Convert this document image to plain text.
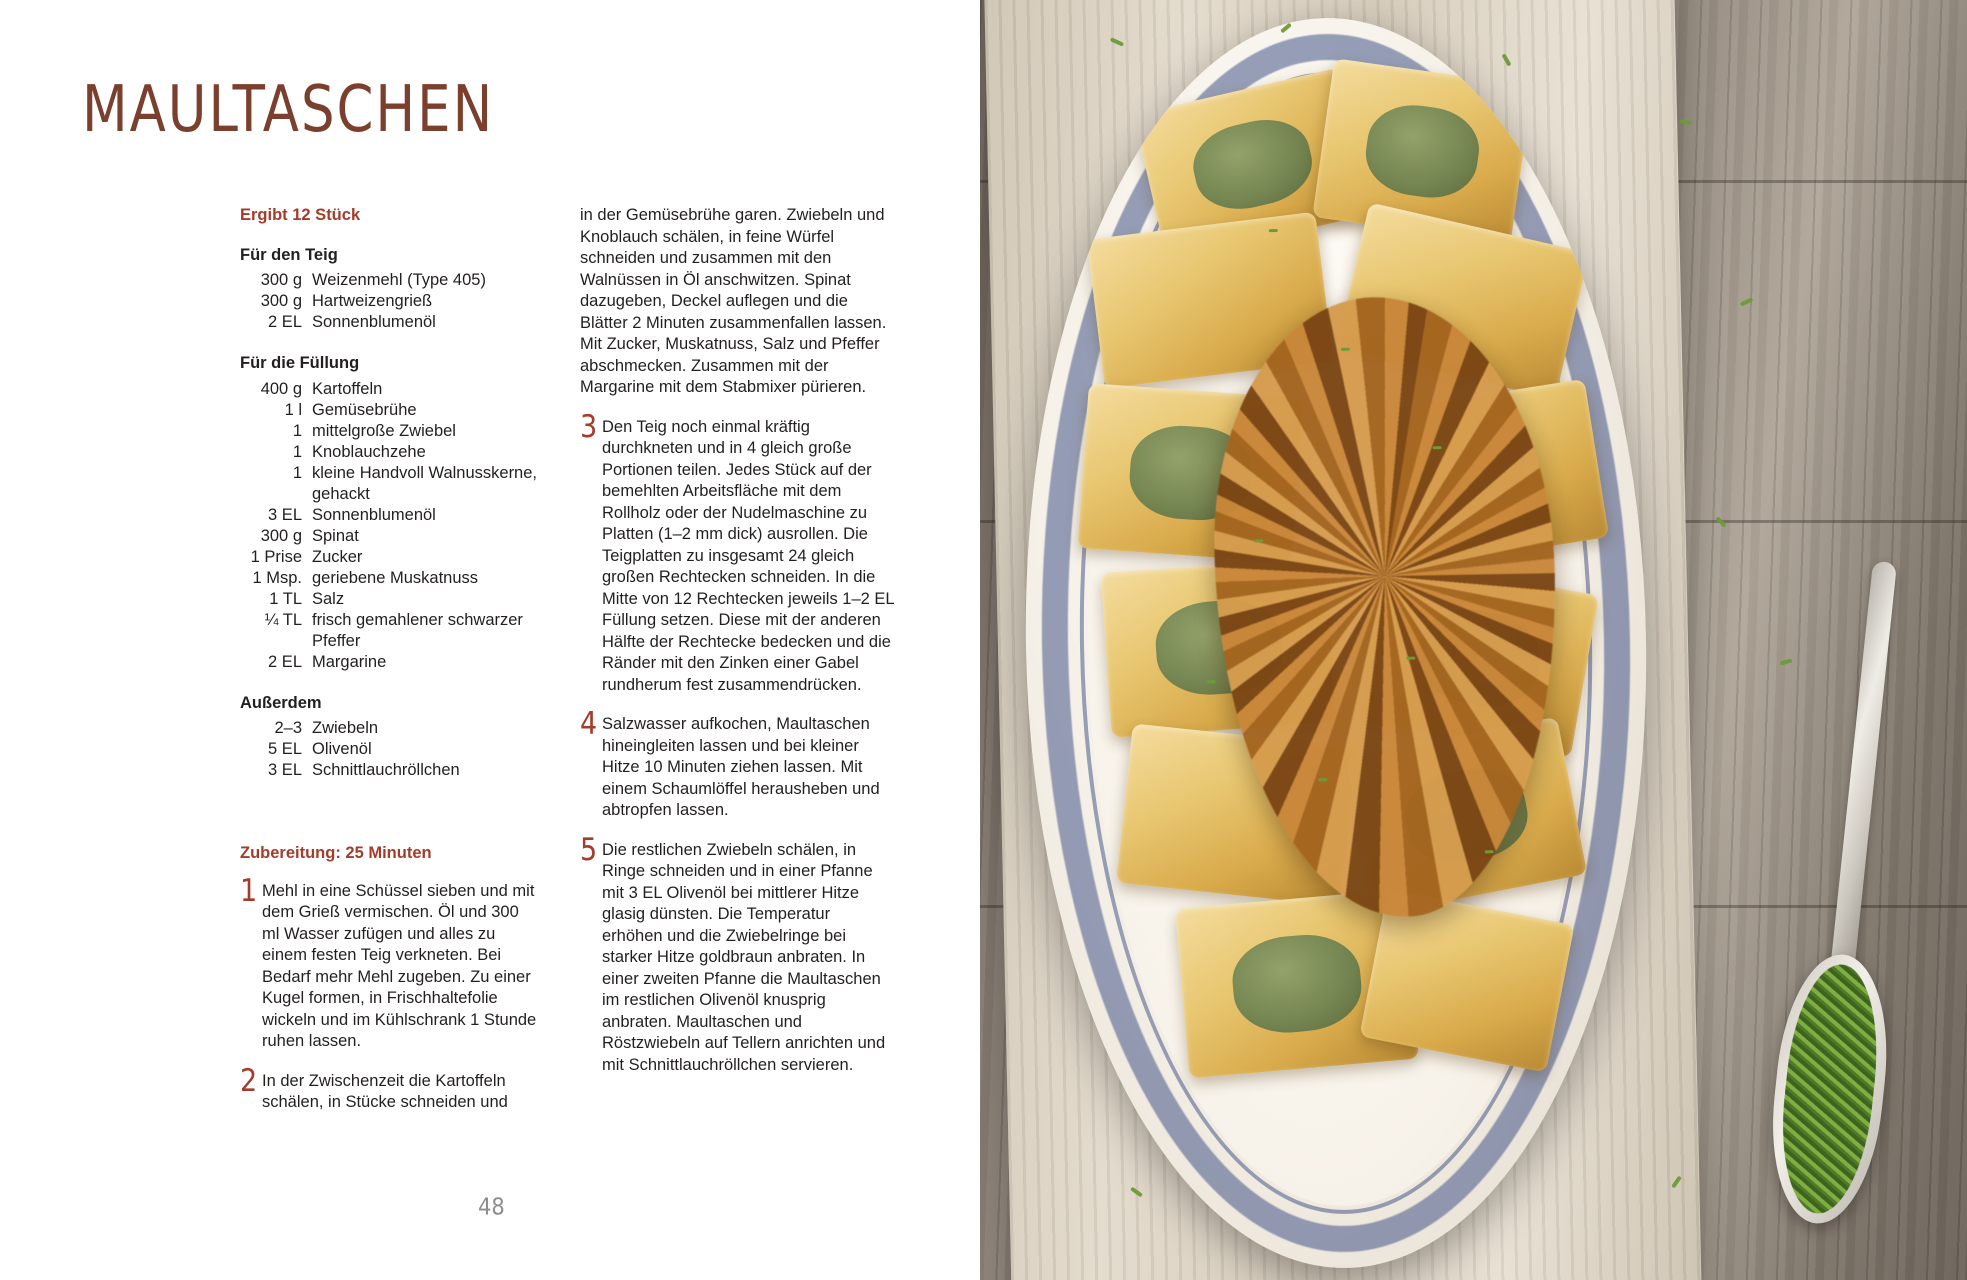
MAULTASCHEN
Ergibt 12 Stück
Für den Teig
300 g Weizenmehl (Type 405)
300 g Hartweizengrieß
2 EL Sonnenblumenöl
Für die Füllung
400 g Kartoffeln
1 l Gemüsebrühe
1 mittelgroße Zwiebel
1 Knoblauchzehe
1 kleine Handvoll Walnusskerne,
gehackt
3 EL Sonnenblumenöl
300 g Spinat
1 Prise Zucker
1 Msp. geriebene Muskatnuss
1 TL Salz
¼ TL frisch gemahlener schwarzer
Pfeffer
2 EL Margarine
Außerdem
2–3 Zwiebeln
5 EL Olivenöl
3 EL Schnittlauchröllchen
Zubereitung: 25 Minuten
1 Mehl in eine Schüssel sieben und mit dem Grieß vermischen. Öl und 300 ml Wasser zufügen und alles zu einem festen Teig verkneten. Bei Bedarf mehr Mehl zugeben. Zu einer Kugel formen, in Frischhaltefolie wickeln und im Kühlschrank 1 Stunde ruhen lassen.
2 In der Zwischenzeit die Kartoffeln schälen, in Stücke schneiden und
in der Gemüsebrühe garen. Zwiebeln und Knoblauch schälen, in feine Würfel schneiden und zusammen mit den Walnüssen in Öl anschwitzen. Spinat dazugeben, Deckel auflegen und die Blätter 2 Minuten zusammenfallen lassen. Mit Zucker, Muskatnuss, Salz und Pfeffer abschmecken. Zusammen mit der Margarine mit dem Stabmixer pürieren.
3 Den Teig noch einmal kräftig durchkneten und in 4 gleich große Portionen teilen. Jedes Stück auf der bemehlten Arbeitsfläche mit dem Rollholz oder der Nudelmaschine zu Platten (1–2 mm dick) ausrollen. Die Teigplatten zu insgesamt 24 gleich großen Rechtecken schneiden. In die Mitte von 12 Rechtecken jeweils 1–2 EL Füllung setzen. Diese mit der anderen Hälfte der Rechtecke bedecken und die Ränder mit den Zinken einer Gabel rundherum fest zusammendrücken.
4 Salzwasser aufkochen, Maultaschen hineingleiten lassen und bei kleiner Hitze 10 Minuten ziehen lassen. Mit einem Schaumlöffel herausheben und abtropfen lassen.
5 Die restlichen Zwiebeln schälen, in Ringe schneiden und in einer Pfanne mit 3 EL Olivenöl bei mittlerer Hitze glasig dünsten. Die Temperatur erhöhen und die Zwiebelringe bei starker Hitze goldbraun anbraten. In einer zweiten Pfanne die Maultaschen im restlichen Olivenöl knusprig anbraten. Maultaschen und Röstzwiebeln auf Tellern anrichten und mit Schnittlauchröllchen servieren.
48
